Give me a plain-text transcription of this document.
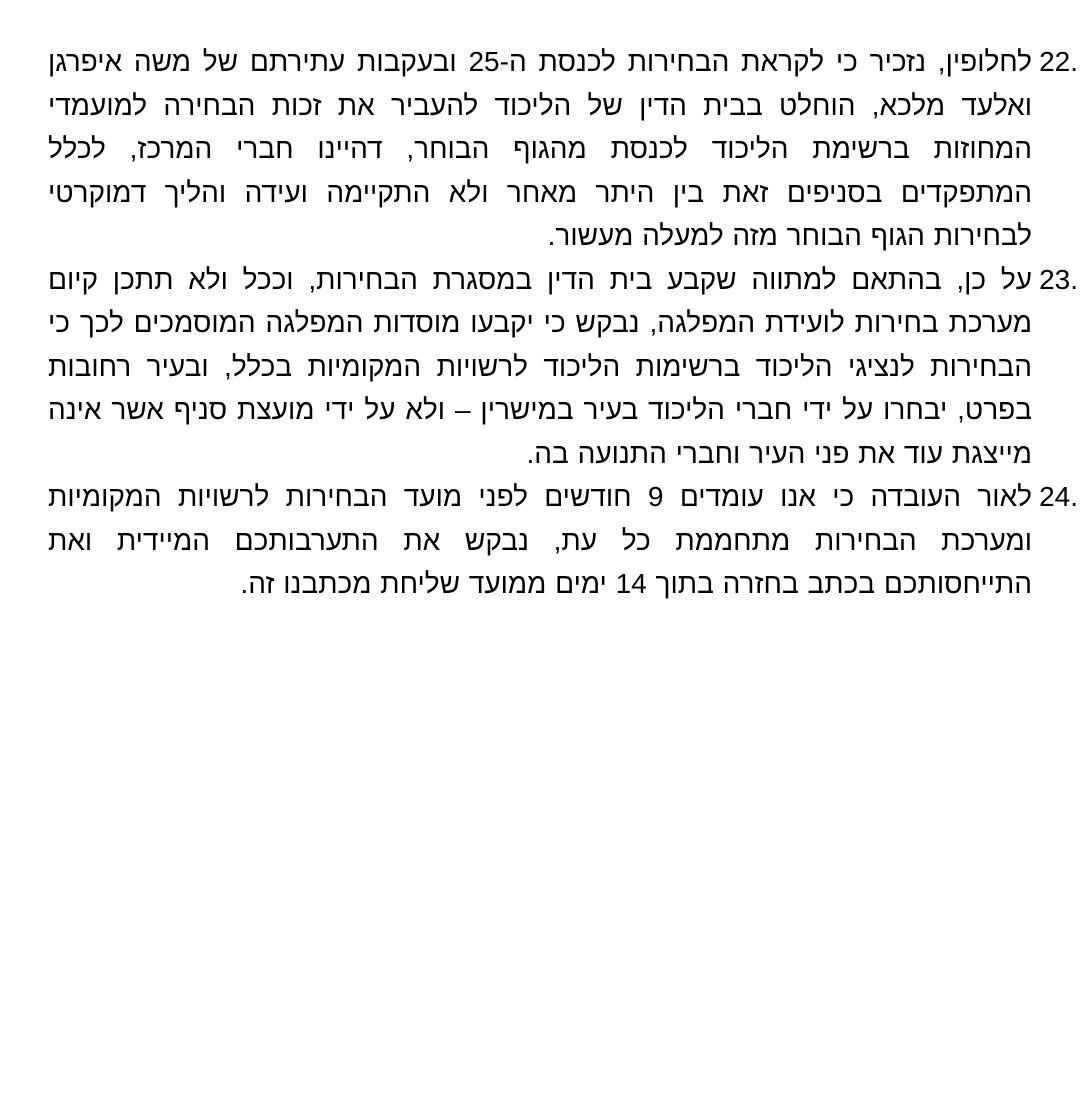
22.
לחלופין, נזכיר כי לקראת הבחירות לכנסת ה-25 ובעקבות עתירתם של משה איפרגן ואלעד מלכא, הוחלט בבית הדין של הליכוד להעביר את זכות הבחירה למועמדי המחוזות ברשימת הליכוד לכנסת מהגוף הבוחר, דהיינו חברי המרכז, לכלל המתפקדים בסניפים זאת בין היתר מאחר ולא התקיימה ועידה והליך דמוקרטי לבחירות הגוף הבוחר מזה למעלה מעשור.
23.
על כן, בהתאם למתווה שקבע בית הדין במסגרת הבחירות, וככל ולא תתכן קיום מערכת בחירות לועידת המפלגה, נבקש כי יקבעו מוסדות המפלגה המוסמכים לכך כי הבחירות לנציגי הליכוד ברשימות הליכוד לרשויות המקומיות בכלל, ובעיר רחובות בפרט, יבחרו על ידי חברי הליכוד בעיר במישרין – ולא על ידי מועצת סניף אשר אינה מייצגת עוד את פני העיר וחברי התנועה בה.
24.
לאור העובדה כי אנו עומדים 9 חודשים לפני מועד הבחירות לרשויות המקומיות ומערכת הבחירות מתחממת כל עת, נבקש את התערבותכם המיידית ואת התייחסותכם בכתב בחזרה בתוך 14 ימים ממועד שליחת מכתבנו זה.
